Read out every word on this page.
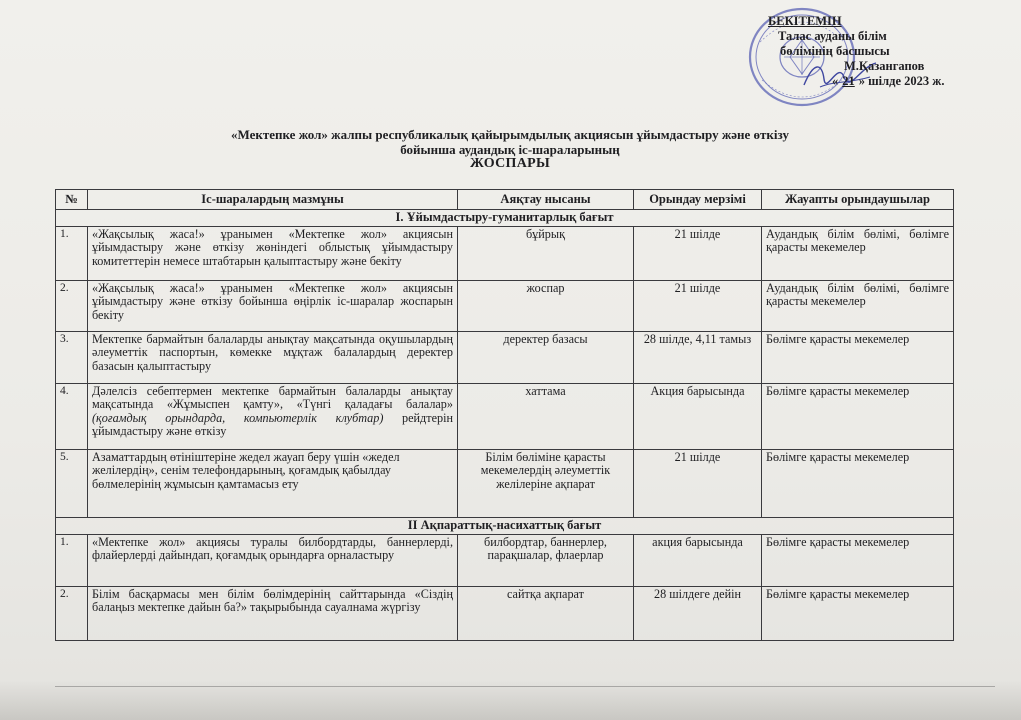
БЕКІТЕМІН
Талас ауданы білім
бөлімінің басшысы
М.Қазангапов
« 21 » шілде 2023 ж.
«Мектепке жол» жалпы республикалық қайырымдылық акциясын ұйымдастыру және өткізу
бойынша аудандық іс-шараларының
ЖОСПАРЫ
№	Іс-шаралардың мазмұны	Аяқтау нысаны	Орындау мерзімі	Жауапты орындаушылар
I. Ұйымдастыру-гуманитарлық бағыт				
1.	«Жақсылық жаса!» ұранымен «Мектепке жол» акциясын ұйымдастыру және өткізу жөніндегі облыстық ұйымдастыру комитеттерін немесе штабтарын қалыптастыру және бекіту	бұйрық	21 шілде	Аудандық білім бөлімі, бөлімге қарасты мекемелер
2.	«Жақсылық жаса!» ұранымен «Мектепке жол» акциясын ұйымдастыру және өткізу бойынша өңірлік іс-шаралар жоспарын бекіту	жоспар	21 шілде	Аудандық білім бөлімі, бөлімге қарасты мекемелер
3.	Мектепке бармайтын балаларды анықтау мақсатында оқушылардың әлеуметтік паспортын, көмекке мұқтаж балалардың деректер базасын қалыптастыру	деректер базасы	28 шілде, 4,11 тамыз	Бөлімге қарасты мекемелер
4.	Дәлелсіз себептермен мектепке бармайтын балаларды анықтау мақсатында «Жұмыспен қамту», «Түнгі қаладағы балалар» (қоғамдық орындарда, компьютерлік клубтар) рейдтерін ұйымдастыру және өткізу	хаттама	Акция барысында	Бөлімге қарасты мекемелер
5.	Азаматтардың өтініштеріне жедел жауап беру үшін «жедел желілердің», сенім телефондарының, қоғамдық қабылдау бөлмелерінің жұмысын қамтамасыз ету	Білім бөліміне қарасты мекемелердің әлеуметтік желілеріне ақпарат	21 шілде	Бөлімге қарасты мекемелер
II Ақпараттық-насихаттық бағыт				
1.	«Мектепке жол» акциясы туралы билбордтарды, баннерлерді, флайерлерді дайындап, қоғамдық орындарға орналастыру	билбордтар, баннерлер, парақшалар, флаерлар	акция барысында	Бөлімге қарасты мекемелер
2.	Білім басқармасы мен білім бөлімдерінің сайттарында «Сіздің балаңыз мектепке дайын ба?» тақырыбында сауалнама жүргізу	сайтқа ақпарат	28 шілдеге дейін	Бөлімге қарасты мекемелер
